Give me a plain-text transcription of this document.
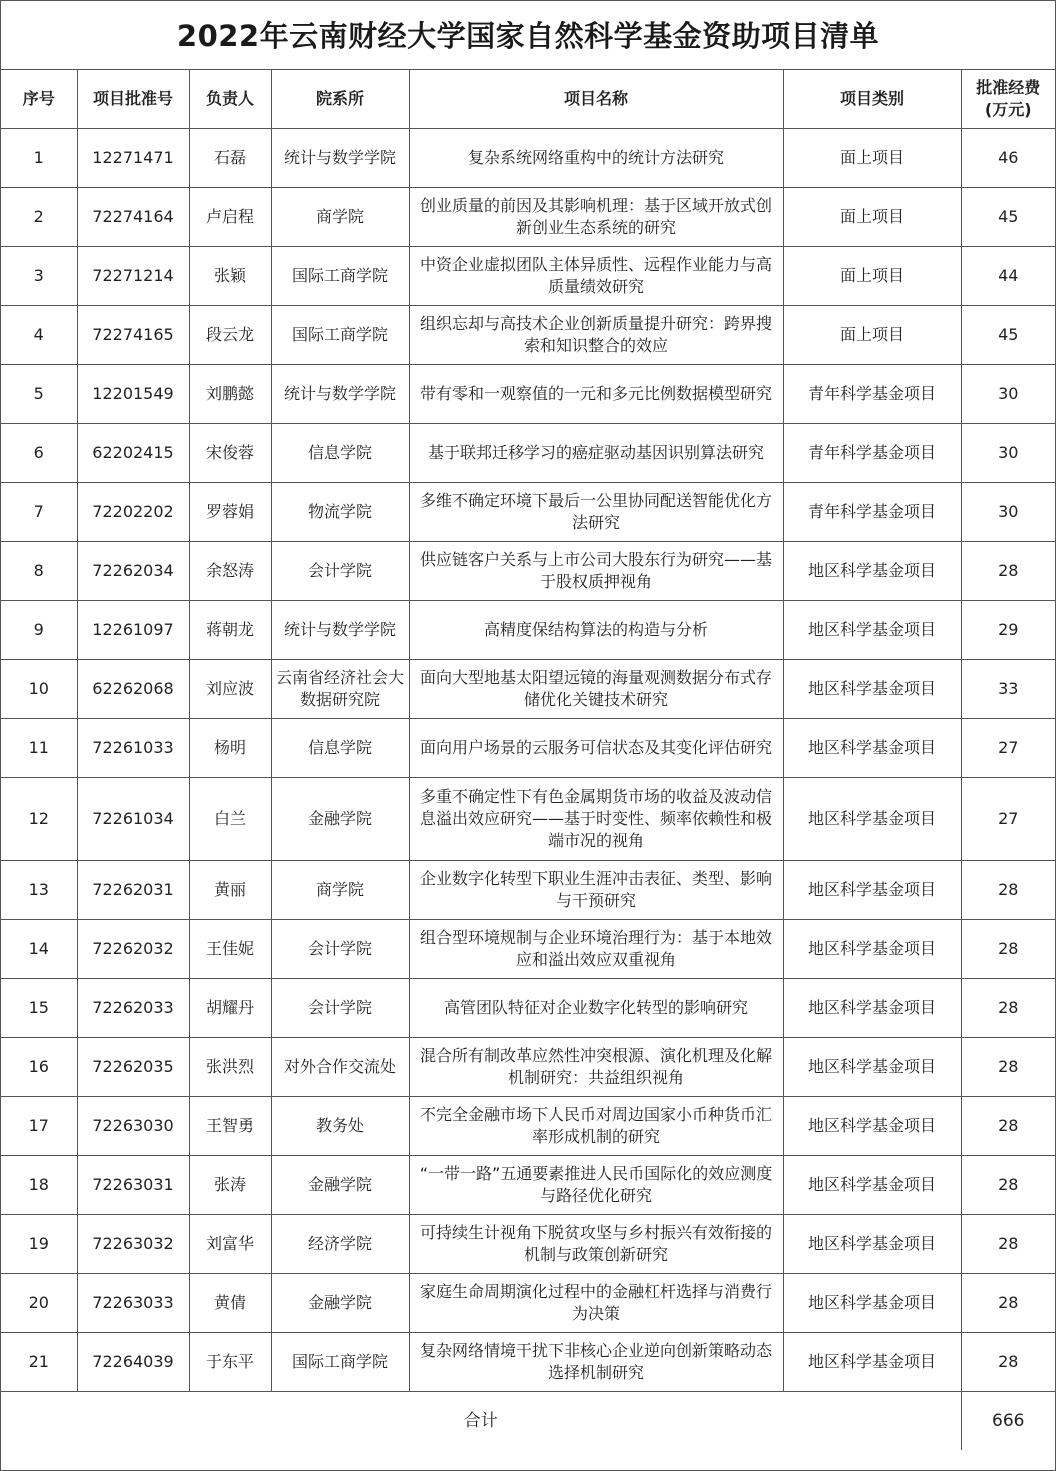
2022年云南财经大学国家自然科学基金资助项目清单
序号	项目批准号	负责人	院系所	项目名称	项目类别	批准经费
(万元)
1	12271471	石磊	统计与数学学院	复杂系统网络重构中的统计方法研究	面上项目	46
2	72274164	卢启程	商学院	创业质量的前因及其影响机理：基于区域开放式创新创业生态系统的研究	面上项目	45
3	72271214	张颖	国际工商学院	中资企业虚拟团队主体异质性、远程作业能力与高质量绩效研究	面上项目	44
4	72274165	段云龙	国际工商学院	组织忘却与高技术企业创新质量提升研究：跨界搜索和知识整合的效应	面上项目	45
5	12201549	刘鹏懿	统计与数学学院	带有零和一观察值的一元和多元比例数据模型研究	青年科学基金项目	30
6	62202415	宋俊蓉	信息学院	基于联邦迁移学习的癌症驱动基因识别算法研究	青年科学基金项目	30
7	72202202	罗蓉娟	物流学院	多维不确定环境下最后一公里协同配送智能优化方法研究	青年科学基金项目	30
8	72262034	余怒涛	会计学院	供应链客户关系与上市公司大股东行为研究——基于股权质押视角	地区科学基金项目	28
9	12261097	蒋朝龙	统计与数学学院	高精度保结构算法的构造与分析	地区科学基金项目	29
10	62262068	刘应波	云南省经济社会大数据研究院	面向大型地基太阳望远镜的海量观测数据分布式存储优化关键技术研究	地区科学基金项目	33
11	72261033	杨明	信息学院	面向用户场景的云服务可信状态及其变化评估研究	地区科学基金项目	27
12	72261034	白兰	金融学院	多重不确定性下有色金属期货市场的收益及波动信息溢出效应研究——基于时变性、频率依赖性和极端市况的视角	地区科学基金项目	27
13	72262031	黄丽	商学院	企业数字化转型下职业生涯冲击表征、类型、影响与干预研究	地区科学基金项目	28
14	72262032	王佳妮	会计学院	组合型环境规制与企业环境治理行为：基于本地效应和溢出效应双重视角	地区科学基金项目	28
15	72262033	胡耀丹	会计学院	高管团队特征对企业数字化转型的影响研究	地区科学基金项目	28
16	72262035	张洪烈	对外合作交流处	混合所有制改革应然性冲突根源、演化机理及化解机制研究：共益组织视角	地区科学基金项目	28
17	72263030	王智勇	教务处	不完全金融市场下人民币对周边国家小币种货币汇率形成机制的研究	地区科学基金项目	28
18	72263031	张涛	金融学院	“一带一路”五通要素推进人民币国际化的效应测度与路径优化研究	地区科学基金项目	28
19	72263032	刘富华	经济学院	可持续生计视角下脱贫攻坚与乡村振兴有效衔接的机制与政策创新研究	地区科学基金项目	28
20	72263033	黄倩	金融学院	家庭生命周期演化过程中的金融杠杆选择与消费行为决策	地区科学基金项目	28
21	72264039	于东平	国际工商学院	复杂网络情境干扰下非核心企业逆向创新策略动态选择机制研究	地区科学基金项目	28
合计						666
